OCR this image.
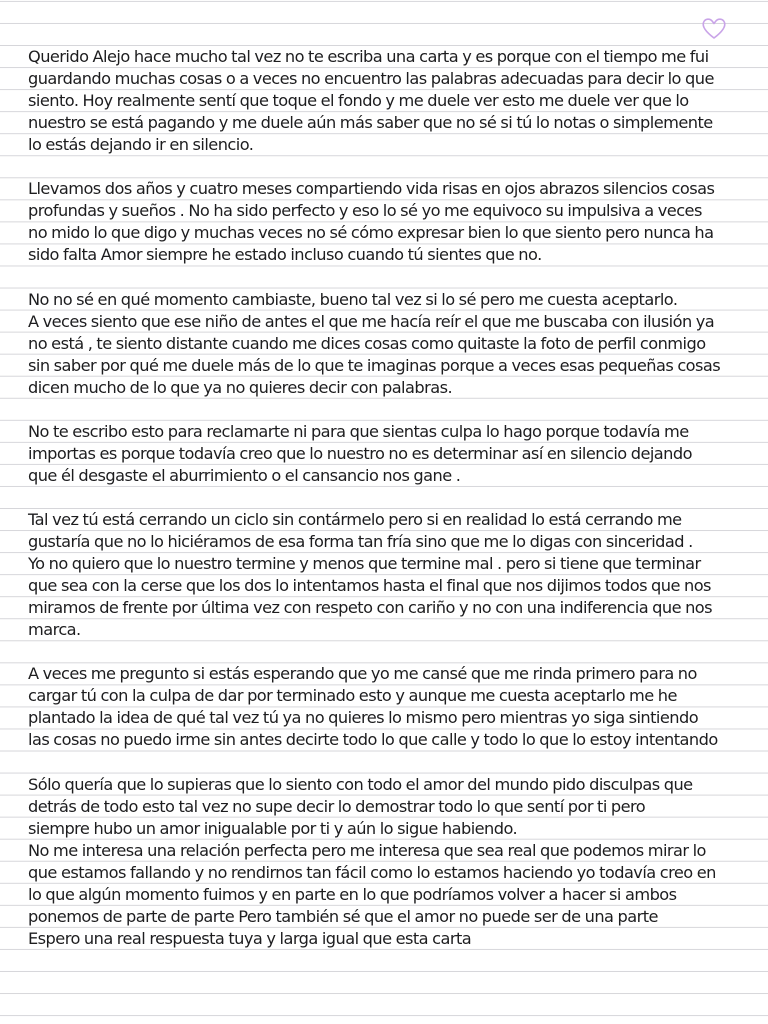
Querido Alejo hace mucho tal vez no te escriba una carta y es porque con el tiempo me fui
guardando muchas cosas o a veces no encuentro las palabras adecuadas para decir lo que
siento. Hoy realmente sentí que toque el fondo y me duele ver esto me duele ver que lo
nuestro se está pagando y me duele aún más saber que no sé si tú lo notas o simplemente
lo estás dejando ir en silencio.
Llevamos dos años y cuatro meses compartiendo vida risas en ojos abrazos silencios cosas
profundas y sueños . No ha sido perfecto y eso lo sé yo me equivoco su impulsiva a veces
no mido lo que digo y muchas veces no sé cómo expresar bien lo que siento pero nunca ha
sido falta Amor siempre he estado incluso cuando tú sientes que no.
No no sé en qué momento cambiaste, bueno tal vez si lo sé pero me cuesta aceptarlo.
A veces siento que ese niño de antes el que me hacía reír el que me buscaba con ilusión ya
no está , te siento distante cuando me dices cosas como quitaste la foto de perfil conmigo
sin saber por qué me duele más de lo que te imaginas porque a veces esas pequeñas cosas
dicen mucho de lo que ya no quieres decir con palabras.
No te escribo esto para reclamarte ni para que sientas culpa lo hago porque todavía me
importas es porque todavía creo que lo nuestro no es determinar así en silencio dejando
que él desgaste el aburrimiento o el cansancio nos gane .
Tal vez tú está cerrando un ciclo sin contármelo pero si en realidad lo está cerrando me
gustaría que no lo hiciéramos de esa forma tan fría sino que me lo digas con sinceridad .
Yo no quiero que lo nuestro termine y menos que termine mal . pero si tiene que terminar
que sea con la cerse que los dos lo intentamos hasta el final que nos dijimos todos que nos
miramos de frente por última vez con respeto con cariño y no con una indiferencia que nos
marca.
A veces me pregunto si estás esperando que yo me cansé que me rinda primero para no
cargar tú con la culpa de dar por terminado esto y aunque me cuesta aceptarlo me he
plantado la idea de qué tal vez tú ya no quieres lo mismo pero mientras yo siga sintiendo
las cosas no puedo irme sin antes decirte todo lo que calle y todo lo que lo estoy intentando
Sólo quería que lo supieras que lo siento con todo el amor del mundo pido disculpas que
detrás de todo esto tal vez no supe decir lo demostrar todo lo que sentí por ti pero
siempre hubo un amor inigualable por ti y aún lo sigue habiendo.
No me interesa una relación perfecta pero me interesa que sea real que podemos mirar lo
que estamos fallando y no rendirnos tan fácil como lo estamos haciendo yo todavía creo en
lo que algún momento fuimos y en parte en lo que podríamos volver a hacer si ambos
ponemos de parte de parte Pero también sé que el amor no puede ser de una parte
Espero una real respuesta tuya y larga igual que esta carta
